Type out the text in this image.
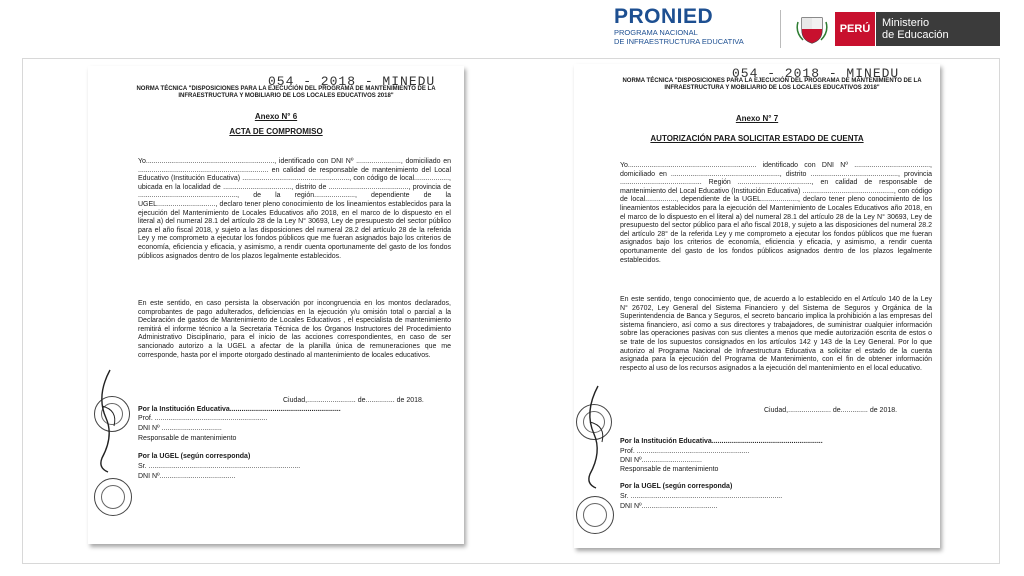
PRONIED
PROGRAMA NACIONAL
DE INFRAESTRUCTURA EDUCATIVA
PERÚ	Ministerio
de Educación
054 - 2018 - MINEDU
NORMA TÉCNICA "DISPOSICIONES PARA LA EJECUCIÓN DEL PROGRAMA DE MANTENIMIENTO DE LA INFRAESTRUCTURA Y MOBILIARIO DE LOS LOCALES EDUCATIVOS 2018"
Anexo N° 6
ACTA DE COMPROMISO
Yo.................................................................., identificado con DNI Nº ......................., domiciliado en ................................................................... en calidad de responsable de mantenimiento del Local Educativo (Institución Educativa) ......................................................., con código de local.................., ubicada en la localidad de ..................................., distrito de ........................................., provincia de ..................................................., de la región....................., dependiente de la UGEL.............................., declaro tener pleno conocimiento de los lineamientos establecidos para la ejecución del Mantenimiento de Locales Educativos año 2018, en el marco de lo dispuesto en el literal a) del numeral 28.1 del artículo 28 de la Ley N° 30693, Ley de presupuesto del sector público para el año fiscal 2018, y sujeto a las disposiciones del numeral 28.2 del artículo 28 de la referida Ley y me comprometo a ejecutar los fondos públicos que me fueran asignados bajo los criterios de economía, eficiencia y eficacia, y asimismo, a rendir cuenta oportunamente del gasto de los fondos públicos asignados dentro de los plazos legalmente establecidos.
En este sentido, en caso persista la observación por incongruencia en los montos declarados, comprobantes de pago adulterados, deficiencias en la ejecución y/u omisión total o parcial a la Declaración de gastos de Mantenimiento de Locales Educativos , el especialista de mantenimiento remitirá el informe técnico a la Secretaria Técnica de los Órganos Instructores del Procedimiento Administrativo Disciplinario, para el inicio de las acciones correspondientes, en caso de ser sancionado autorizo a la UGEL a afectar de la planilla única de remuneraciones que me corresponde, hasta por el importe otorgado destinado al mantenimiento de locales educativos.
Ciudad,......................... de............... de 2018.
Por la Institución Educativa.........................................................
Prof. ..........................................................
DNI Nº ...............................
Responsable de mantenimiento
Por la UGEL (según corresponda)
Sr. ..............................................................................
DNI Nº.......................................
054 - 2018 - MINEDU
NORMA TÉCNICA "DISPOSICIONES PARA LA EJECUCIÓN DEL PROGRAMA DE MANTENIMIENTO DE LA INFRAESTRUCTURA Y MOBILIARIO DE LOS LOCALES EDUCATIVOS 2018"
Anexo N° 7
AUTORIZACIÓN PARA SOLICITAR ESTADO DE CUENTA
Yo.................................................................. identificado con DNI Nº ......................................., domiciliado en ........................................................, distrito ............................................., provincia .......................................... Región ......................................, en calidad de responsable de mantenimiento del Local Educativo (Institución Educativa) ..............................................., con código de local................, dependiente de la UGEL..................., declaro tener pleno conocimiento de los lineamientos establecidos para la ejecución del Mantenimiento de Locales Educativos año 2018, en el marco de lo dispuesto en el literal a) del numeral 28.1 del artículo 28 de la Ley N° 30693, Ley de presupuesto del sector público para el año fiscal 2018, y sujeto a las disposiciones del numeral 28.2 del artículo 28° de la referida Ley y me comprometo a ejecutar los fondos públicos que me fueran asignados bajo los criterios de economía, eficiencia y eficacia, y asimismo, a rendir cuenta oportunamente del gasto de los fondos públicos asignados dentro de los plazos legalmente establecidos.
En este sentido, tengo conocimiento que, de acuerdo a lo establecido en el Artículo 140 de la Ley N° 26702, Ley General del Sistema Financiero y del Sistema de Seguros y Orgánica de la Superintendencia de Banca y Seguros, el secreto bancario implica la prohibición a las empresas del sistema financiero, así como a sus directores y trabajadores, de suministrar cualquier información sobre las operaciones pasivas con sus clientes a menos que medie autorización escrita de estos o se trate de los supuestos consignados en los artículos 142 y 143 de la Ley General. Por lo que autorizo al Programa Nacional de Infraestructura Educativa a solicitar el estado de la cuenta asignada para la ejecución del Programa de Mantenimiento, con el fin de obtener información respecto al uso de los recursos asignados a la ejecución del mantenimiento en el local educativo.
Ciudad,...................... de.............. de 2018.
Por la Institución Educativa.........................................................
Prof. ..........................................................
DNI Nº...............................
Responsable de mantenimiento
Por la UGEL (según corresponda)
Sr. ..............................................................................
DNI Nº.......................................
